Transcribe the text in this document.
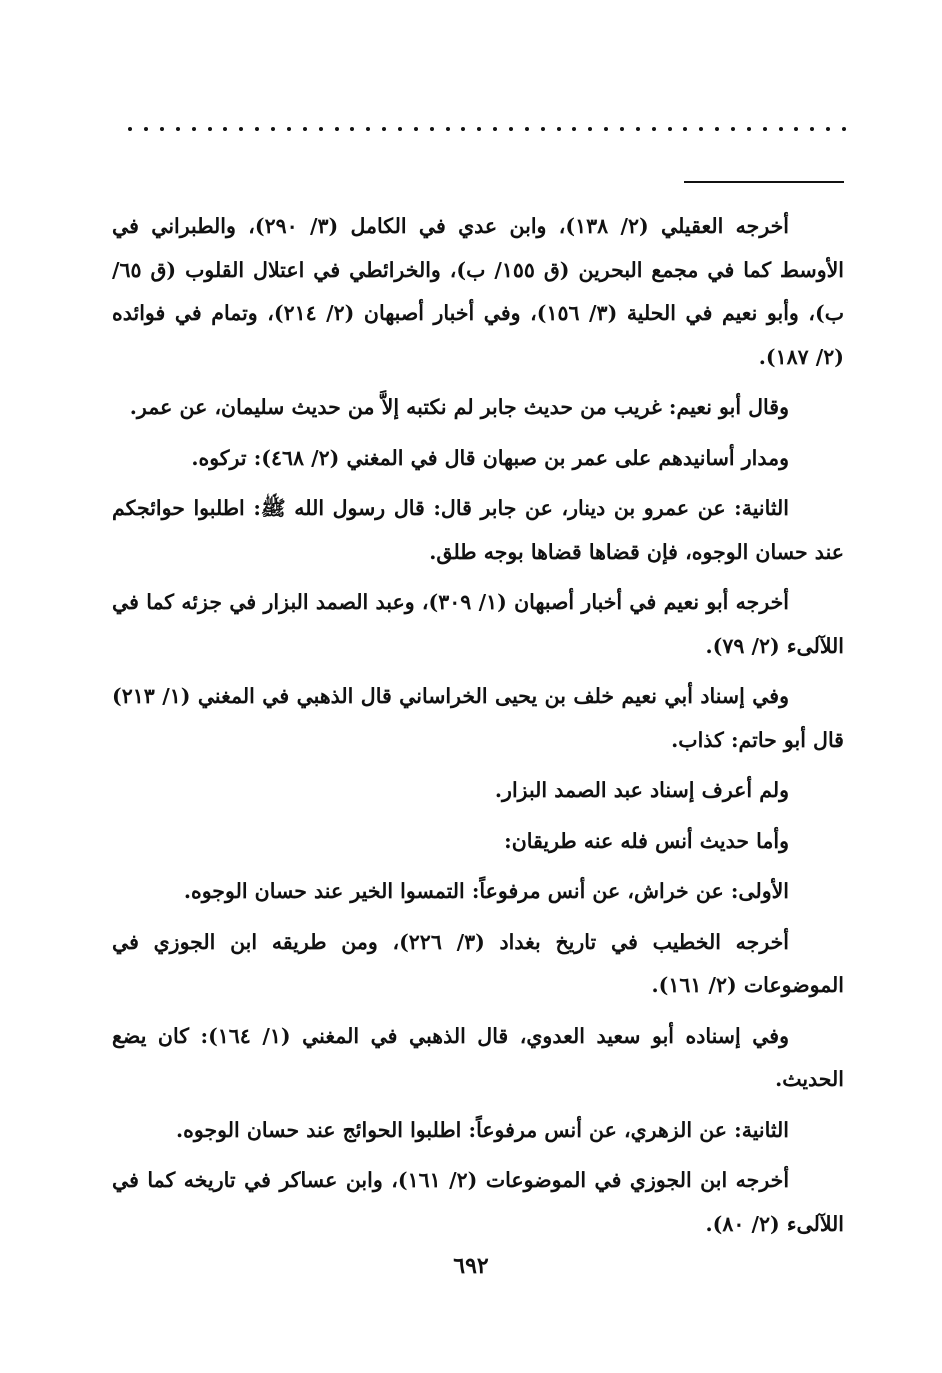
أخرجه العقيلي (٢/ ١٣٨)، وابن عدي في الكامل (٣/ ٢٩٠)، والطبراني في الأوسط كما في مجمع البحرين (ق ١٥٥/ ب)، والخرائطي في اعتلال القلوب (ق ٦٥/ ب)، وأبو نعيم في الحلية (٣/ ١٥٦)، وفي أخبار أصبهان (٢/ ٢١٤)، وتمام في فوائده (٢/ ١٨٧).

وقال أبو نعيم: غريب من حديث جابر لم نكتبه إلاَّ من حديث سليمان، عن عمر.

ومدار أسانيدهم على عمر بن صبهان قال في المغني (٢/ ٤٦٨): تركوه.

الثانية: عن عمرو بن دينار، عن جابر قال: قال رسول الله ﷺ: اطلبوا حوائجكم عند حسان الوجوه، فإن قضاها قضاها بوجه طلق.

أخرجه أبو نعيم في أخبار أصبهان (١/ ٣٠٩)، وعبد الصمد البزار في جزئه كما في اللآلىء (٢/ ٧٩).

وفي إسناد أبي نعيم خلف بن يحيى الخراساني قال الذهبي في المغني (١/ ٢١٣) قال أبو حاتم: كذاب.

ولم أعرف إسناد عبد الصمد البزار.

وأما حديث أنس فله عنه طريقان:

الأولى: عن خراش، عن أنس مرفوعاً: التمسوا الخير عند حسان الوجوه.

أخرجه الخطيب في تاريخ بغداد (٣/ ٢٢٦)، ومن طريقه ابن الجوزي في الموضوعات (٢/ ١٦١).

وفي إسناده أبو سعيد العدوي، قال الذهبي في المغني (١/ ١٦٤): كان يضع الحديث.

الثانية: عن الزهري، عن أنس مرفوعاً: اطلبوا الحوائج عند حسان الوجوه.

أخرجه ابن الجوزي في الموضوعات (٢/ ١٦١)، وابن عساكر في تاريخه كما في اللآلىء (٢/ ٨٠).

٦٩٢
